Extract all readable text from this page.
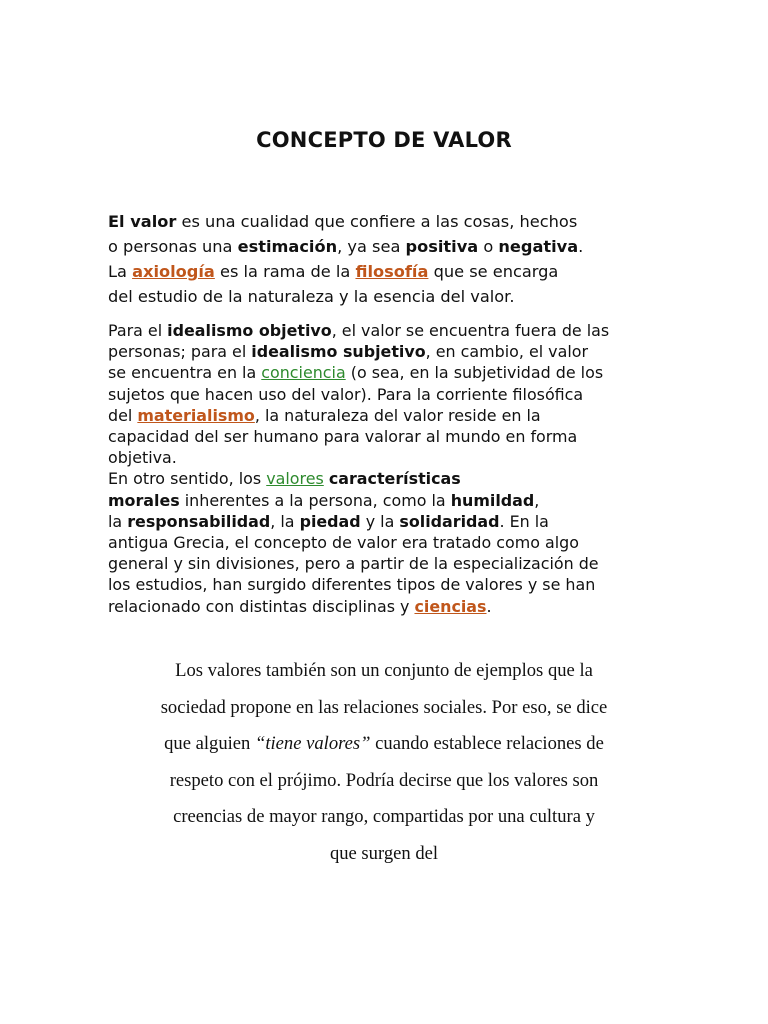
CONCEPTO DE VALOR
El valor es una cualidad que confiere a las cosas, hechos
o personas una estimación, ya sea positiva o negativa.
La axiología es la rama de la filosofía que se encarga
del estudio de la naturaleza y la esencia del valor.
Para el idealismo objetivo, el valor se encuentra fuera de las
personas; para el idealismo subjetivo, en cambio, el valor
se encuentra en la conciencia (o sea, en la subjetividad de los
sujetos que hacen uso del valor). Para la corriente filosófica
del materialismo, la naturaleza del valor reside en la
capacidad del ser humano para valorar al mundo en forma
objetiva.
En otro sentido, los valores características
morales inherentes a la persona, como la humildad,
la responsabilidad, la piedad y la solidaridad. En la
antigua Grecia, el concepto de valor era tratado como algo
general y sin divisiones, pero a partir de la especialización de
los estudios, han surgido diferentes tipos de valores y se han
relacionado con distintas disciplinas y ciencias.
Los valores también son un conjunto de ejemplos que la
sociedad propone en las relaciones sociales. Por eso, se dice
que alguien “tiene valores” cuando establece relaciones de
respeto con el prójimo. Podría decirse que los valores son
creencias de mayor rango, compartidas por una cultura y
que surgen del
